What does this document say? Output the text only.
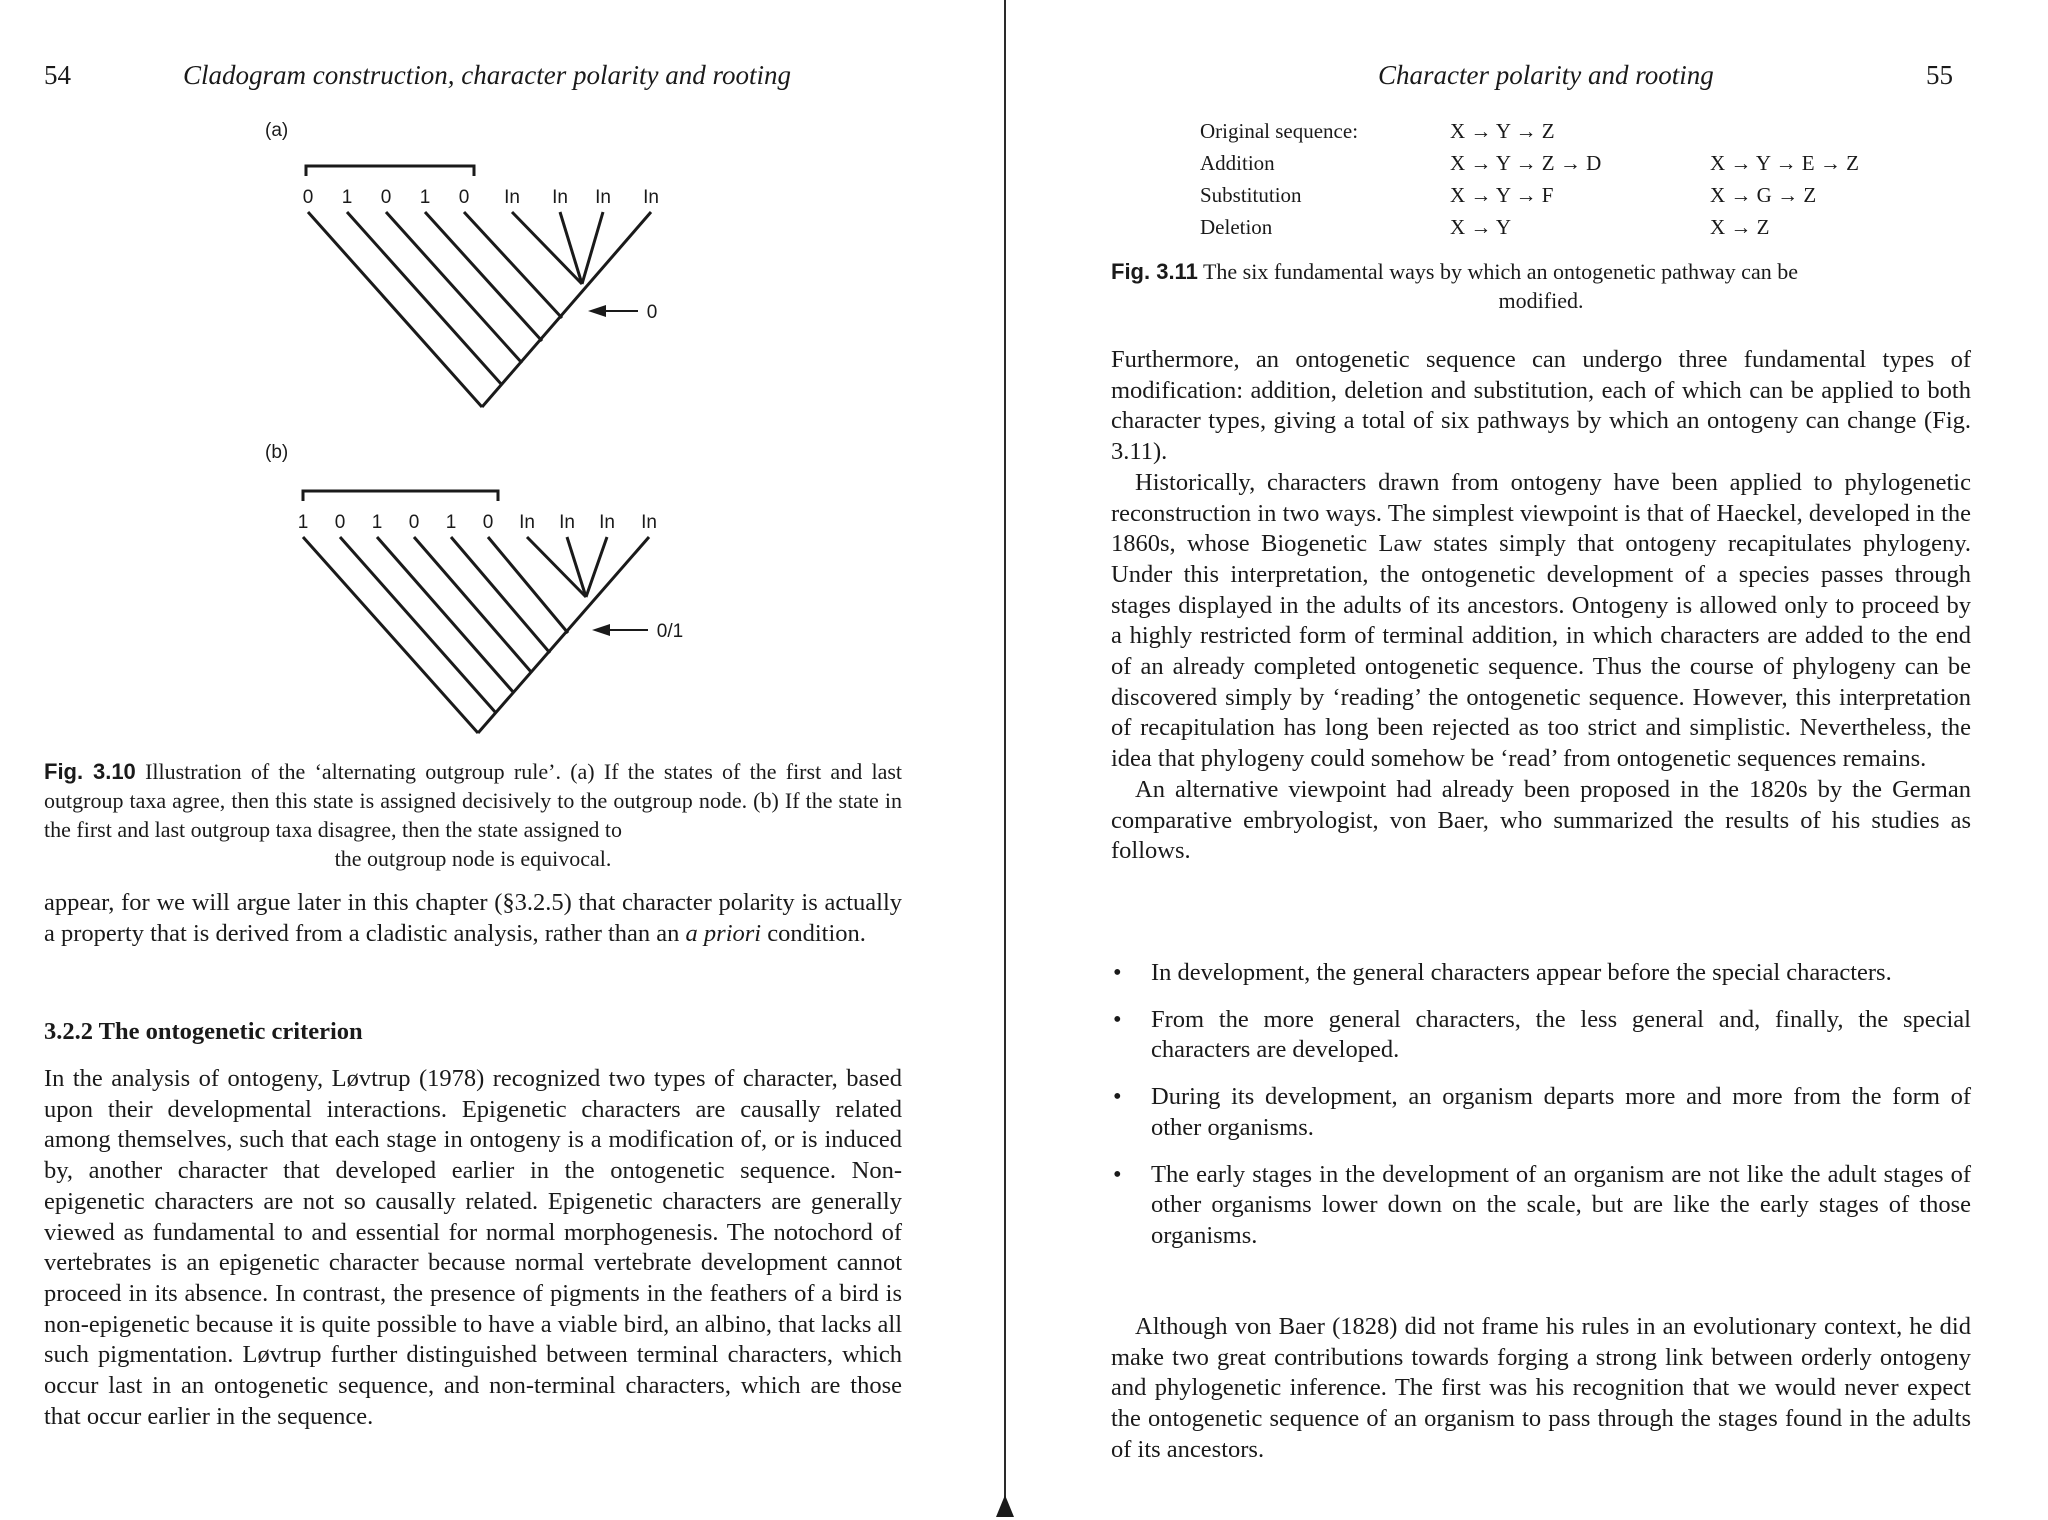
54	Cladogram construction, character polarity and rooting
(a)
0 1 0 1 0 In In In In
0
(b)
1 0 1 0 1 0 In In In In
0/1
Fig. 3.10 Illustration of the ‘alternating outgroup rule’. (a) If the states of the first and last outgroup taxa agree, then this state is assigned decisively to the outgroup node. (b) If the state in the first and last outgroup taxa disagree, then the state assigned to
the outgroup node is equivocal.

appear, for we will argue later in this chapter (§3.2.5) that character polarity is actually a property that is derived from a cladistic analysis, rather than an a priori condition.

3.2.2 The ontogenetic criterion

In the analysis of ontogeny, Løvtrup (1978) recognized two types of character, based upon their developmental interactions. Epigenetic characters are causally related among themselves, such that each stage in ontogeny is a modification of, or is induced by, another character that developed earlier in the ontogenetic sequence. Non-epigenetic characters are not so causally related. Epigenetic characters are generally viewed as fundamental to and essential for normal morphogenesis. The notochord of vertebrates is an epigenetic character because normal vertebrate development cannot proceed in its absence. In contrast, the presence of pigments in the feathers of a bird is non-epigenetic because it is quite possible to have a viable bird, an albino, that lacks all such pigmentation. Løvtrup further distinguished between terminal characters, which occur last in an ontogenetic sequence, and non-terminal characters, which are those that occur earlier in the sequence.

Character polarity and rooting	55
Original sequence:	X → Y → Z
Addition	X → Y → Z → D	X → Y → E → Z
Substitution	X → Y → F	X → G → Z
Deletion	X → Y	X → Z
Fig. 3.11 The six fundamental ways by which an ontogenetic pathway can be
modified.

Furthermore, an ontogenetic sequence can undergo three fundamental types of modification: addition, deletion and substitution, each of which can be applied to both character types, giving a total of six pathways by which an ontogeny can change (Fig. 3.11).

Historically, characters drawn from ontogeny have been applied to phylogenetic reconstruction in two ways. The simplest viewpoint is that of Haeckel, developed in the 1860s, whose Biogenetic Law states simply that ontogeny recapitulates phylogeny. Under this interpretation, the ontogenetic development of a species passes through stages displayed in the adults of its ancestors. Ontogeny is allowed only to proceed by a highly restricted form of terminal addition, in which characters are added to the end of an already completed ontogenetic sequence. Thus the course of phylogeny can be discovered simply by ‘reading’ the ontogenetic sequence. However, this interpretation of recapitulation has long been rejected as too strict and simplistic. Nevertheless, the idea that phylogeny could somehow be ‘read’ from ontogenetic sequences remains.

An alternative viewpoint had already been proposed in the 1820s by the German comparative embryologist, von Baer, who summarized the results of his studies as follows.

• In development, the general characters appear before the special characters.
• From the more general characters, the less general and, finally, the special characters are developed.
• During its development, an organism departs more and more from the form of other organisms.
• The early stages in the development of an organism are not like the adult stages of other organisms lower down on the scale, but are like the early stages of those organisms.

Although von Baer (1828) did not frame his rules in an evolutionary context, he did make two great contributions towards forging a strong link between orderly ontogeny and phylogenetic inference. The first was his recognition that we would never expect the ontogenetic sequence of an organism to pass through the stages found in the adults of its ancestors.
